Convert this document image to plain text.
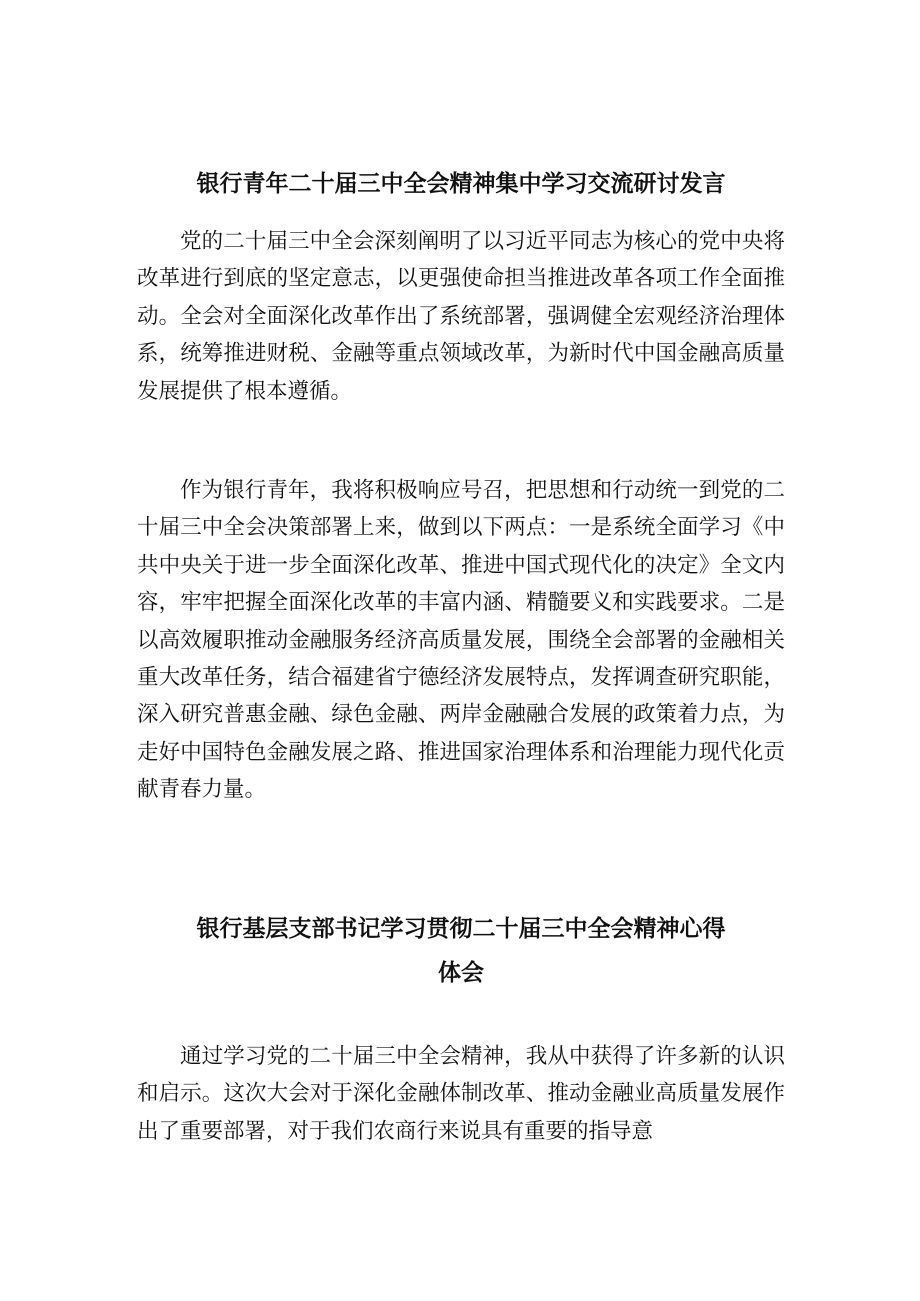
银行青年二十届三中全会精神集中学习交流研讨发言

党的二十届三中全会深刻阐明了以习近平同志为核心的党中央将改革进行到底的坚定意志，以更强使命担当推进改革各项工作全面推动。全会对全面深化改革作出了系统部署，强调健全宏观经济治理体系，统筹推进财税、金融等重点领域改革，为新时代中国金融高质量发展提供了根本遵循。

作为银行青年，我将积极响应号召，把思想和行动统一到党的二十届三中全会决策部署上来，做到以下两点：一是系统全面学习《中共中央关于进一步全面深化改革、推进中国式现代化的决定》全文内容，牢牢把握全面深化改革的丰富内涵、精髓要义和实践要求。二是以高效履职推动金融服务经济高质量发展，围绕全会部署的金融相关重大改革任务，结合福建省宁德经济发展特点，发挥调查研究职能，深入研究普惠金融、绿色金融、两岸金融融合发展的政策着力点，为走好中国特色金融发展之路、推进国家治理体系和治理能力现代化贡献青春力量。

银行基层支部书记学习贯彻二十届三中全会精神心得
体会

通过学习党的二十届三中全会精神，我从中获得了许多新的认识和启示。这次大会对于深化金融体制改革、推动金融业高质量发展作出了重要部署，对于我们农商行来说具有重要的指导意
